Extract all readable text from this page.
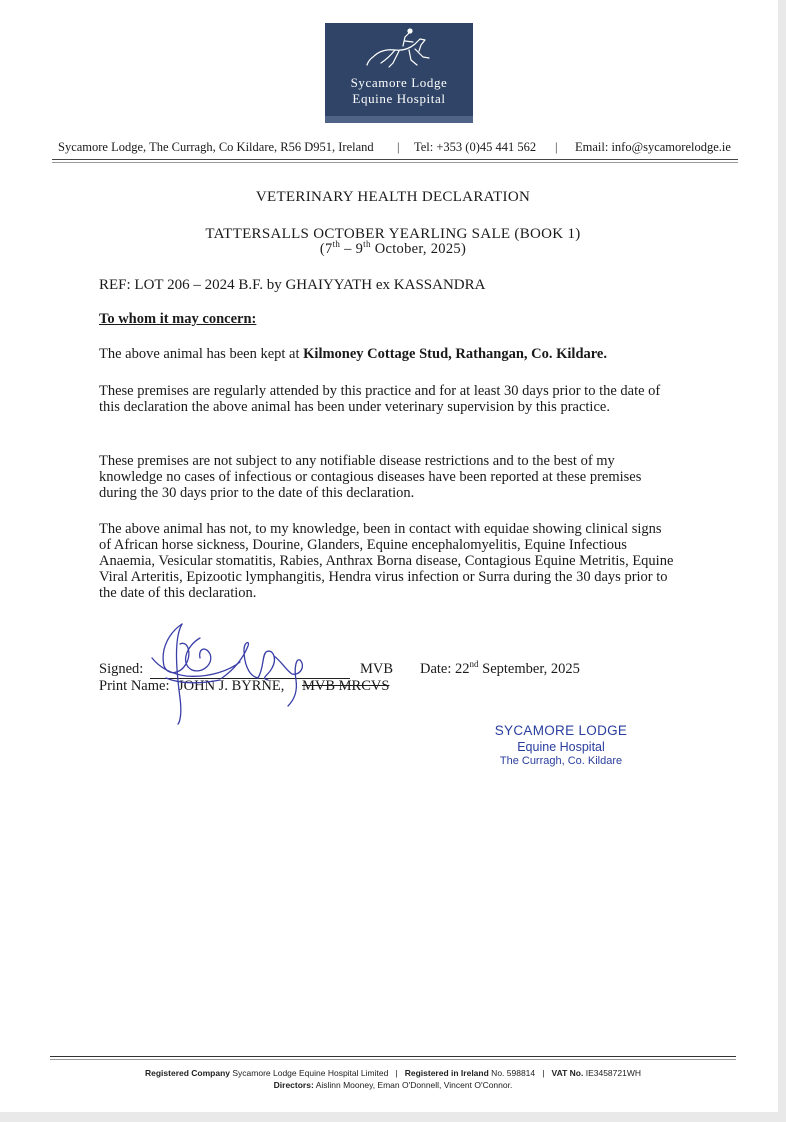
Sycamore Lodge
Equine Hospital
Sycamore Lodge, The Curragh, Co Kildare, R56 D951, Ireland | Tel: +353 (0)45 441 562 | Email: info@sycamorelodge.ie
VETERINARY HEALTH DECLARATION
TATTERSALLS OCTOBER YEARLING SALE (BOOK 1)
(7th – 9th October, 2025)
REF: LOT 206 – 2024 B.F. by GHAIYYATH ex KASSANDRA
To whom it may concern:
The above animal has been kept at Kilmoney Cottage Stud, Rathangan, Co. Kildare.
These premises are regularly attended by this practice and for at least 30 days prior to the date of this declaration the above animal has been under veterinary supervision by this practice.
These premises are not subject to any notifiable disease restrictions and to the best of my knowledge no cases of infectious or contagious diseases have been reported at these premises during the 30 days prior to the date of this declaration.
The above animal has not, to my knowledge, been in contact with equidae showing clinical signs of African horse sickness, Dourine, Glanders, Equine encephalomyelitis, Equine Infectious Anaemia, Vesicular stomatitis, Rabies, Anthrax Borna disease, Contagious Equine Metritis, Equine Viral Arteritis, Epizootic lymphangitis, Hendra virus infection or Surra during the 30 days prior to the date of this declaration.
Signed:	MVB Date: 22nd September, 2025
Print Name: JOHN J. BYRNE, MVB MRCVS
SYCAMORE LODGE
Equine Hospital
The Curragh, Co. Kildare
Registered Company Sycamore Lodge Equine Hospital Limited | Registered in Ireland No. 598814 | VAT No. IE3458721WH
Directors: Aislinn Mooney, Eman O'Donnell, Vincent O'Connor.
